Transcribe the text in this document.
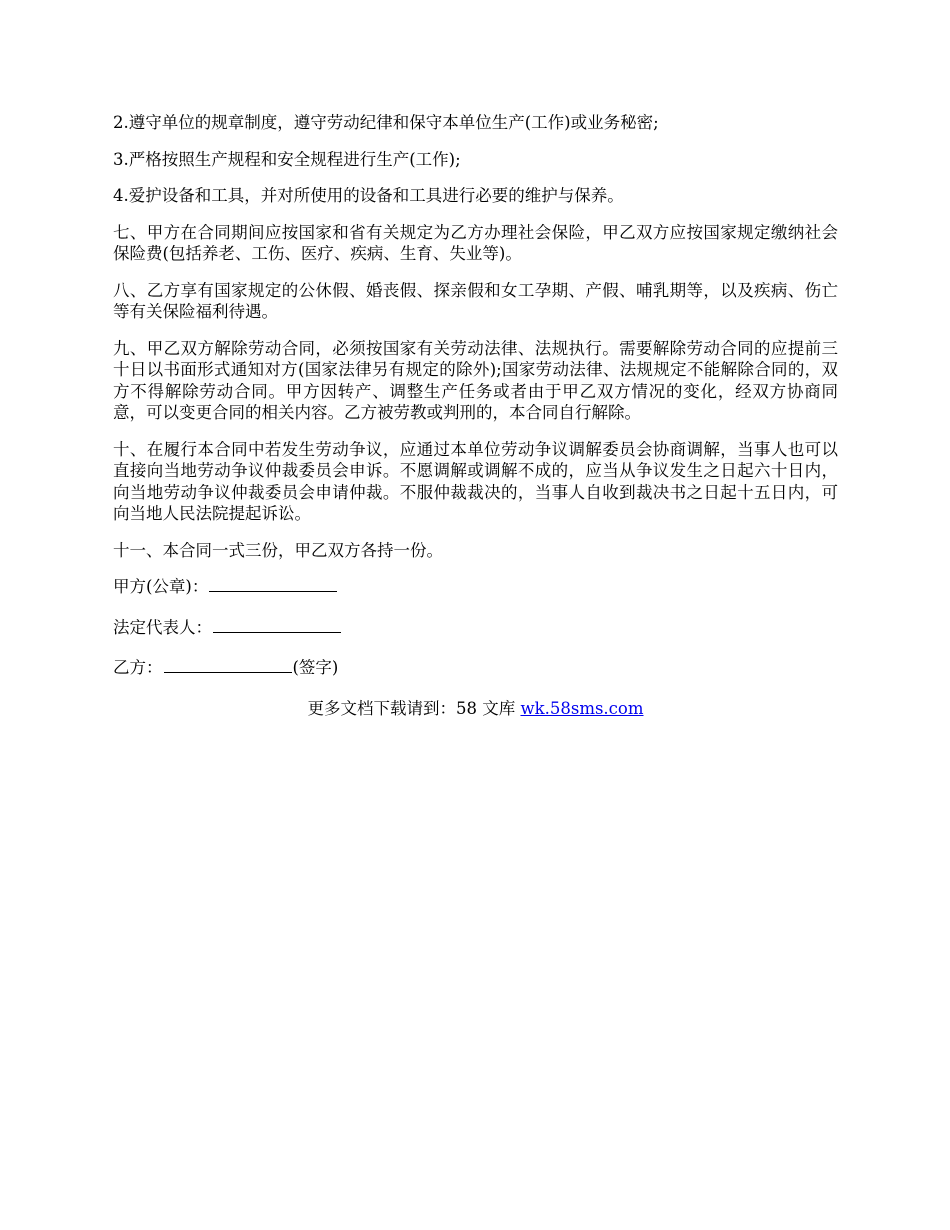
2.遵守单位的规章制度，遵守劳动纪律和保守本单位生产(工作)或业务秘密;

3.严格按照生产规程和安全规程进行生产(工作);

4.爱护设备和工具，并对所使用的设备和工具进行必要的维护与保养。

七、甲方在合同期间应按国家和省有关规定为乙方办理社会保险，甲乙双方应按国家规定缴纳社会保险费(包括养老、工伤、医疗、疾病、生育、失业等)。

八、乙方享有国家规定的公休假、婚丧假、探亲假和女工孕期、产假、哺乳期等，以及疾病、伤亡等有关保险福利待遇。

九、甲乙双方解除劳动合同，必须按国家有关劳动法律、法规执行。需要解除劳动合同的应提前三十日以书面形式通知对方(国家法律另有规定的除外);国家劳动法律、法规规定不能解除合同的，双方不得解除劳动合同。甲方因转产、调整生产任务或者由于甲乙双方情况的变化，经双方协商同意，可以变更合同的相关内容。乙方被劳教或判刑的，本合同自行解除。

十、在履行本合同中若发生劳动争议，应通过本单位劳动争议调解委员会协商调解，当事人也可以直接向当地劳动争议仲裁委员会申诉。不愿调解或调解不成的，应当从争议发生之日起六十日内，向当地劳动争议仲裁委员会申请仲裁。不服仲裁裁决的，当事人自收到裁决书之日起十五日内，可向当地人民法院提起诉讼。

十一、本合同一式三份，甲乙双方各持一份。

甲方(公章)：

法定代表人：

乙方：	(签字)

更多文档下载请到：58 文库 wk.58sms.com
